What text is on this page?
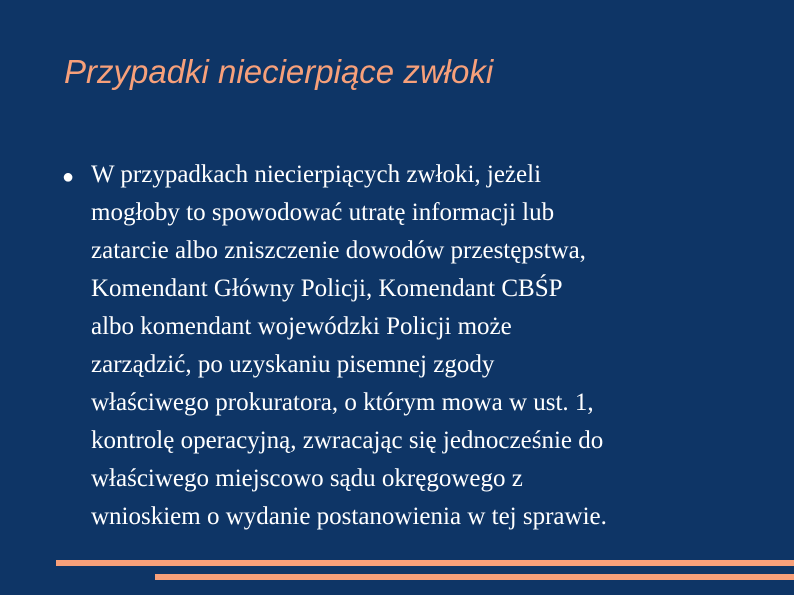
Przypadki niecierpiące zwłoki
● W przypadkach niecierpiących zwłoki, jeżeli
mogłoby to spowodować utratę informacji lub
zatarcie albo zniszczenie dowodów przestępstwa,
Komendant Główny Policji, Komendant CBŚP
albo komendant wojewódzki Policji może
zarządzić, po uzyskaniu pisemnej zgody
właściwego prokuratora, o którym mowa w ust. 1,
kontrolę operacyjną, zwracając się jednocześnie do
właściwego miejscowo sądu okręgowego z
wnioskiem o wydanie postanowienia w tej sprawie.
